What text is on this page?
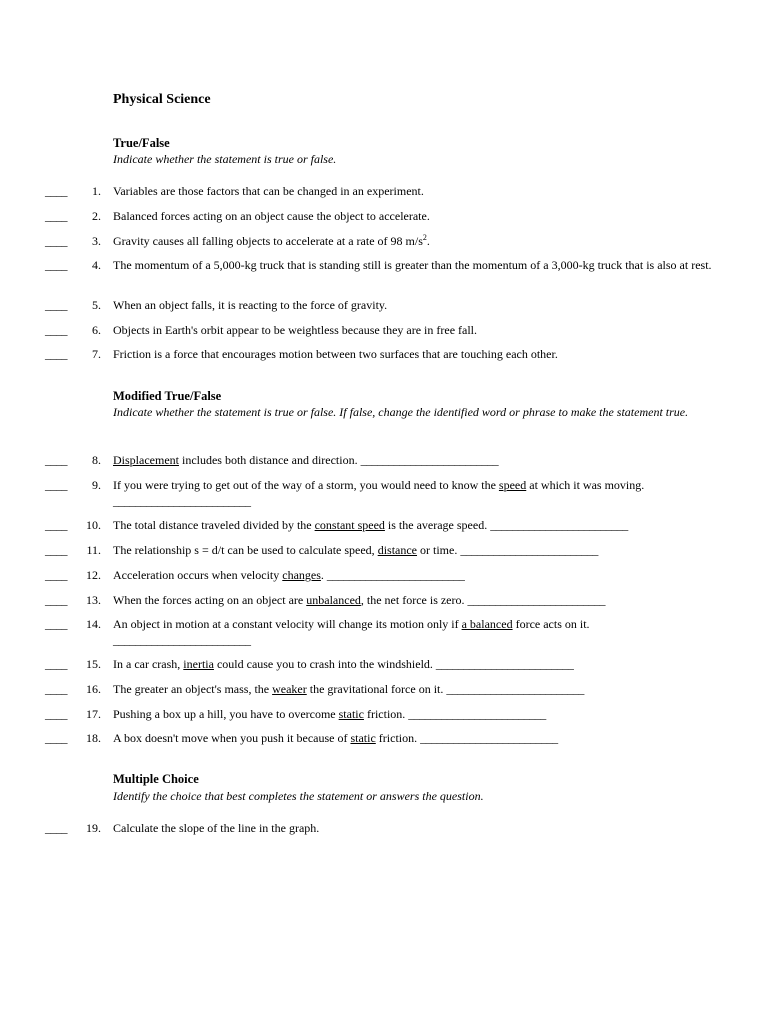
Physical Science
True/False
Indicate whether the statement is true or false.
____	1. Variables are those factors that can be changed in an experiment.
____	2. Balanced forces acting on an object cause the object to accelerate.
____	3. Gravity causes all falling objects to accelerate at a rate of 98 $m/s^2$.
____	4. The momentum of a 5,000-kg truck that is standing still is greater than the momentum of a 3,000-kg truck that is also at rest.
____	5. When an object falls, it is reacting to the force of gravity.
____	6. Objects in Earth's orbit appear to be weightless because they are in free fall.
____	7. Friction is a force that encourages motion between two surfaces that are touching each other.
Modified True/False
Indicate whether the statement is true or false. If false, change the identified word or phrase to make the statement true.
____	8. Displacement includes both distance and direction. _________________________
____	9. If you were trying to get out of the way of a storm, you would need to know the speed at which it was moving. _________________________
____	10. The total distance traveled divided by the constant speed is the average speed. _________________________
____	11. The relationship s = d/t can be used to calculate speed, distance or time. _________________________
____	12. Acceleration occurs when velocity changes. _________________________
____	13. When the forces acting on an object are unbalanced, the net force is zero. _________________________
____	14. An object in motion at a constant velocity will change its motion only if a balanced force acts on it. _________________________
____	15. In a car crash, inertia could cause you to crash into the windshield. _________________________
____	16. The greater an object's mass, the weaker the gravitational force on it. _________________________
____	17. Pushing a box up a hill, you have to overcome static friction. _________________________
____	18. A box doesn't move when you push it because of static friction. _________________________
Multiple Choice
Identify the choice that best completes the statement or answers the question.
____	19. Calculate the slope of the line in the graph.
